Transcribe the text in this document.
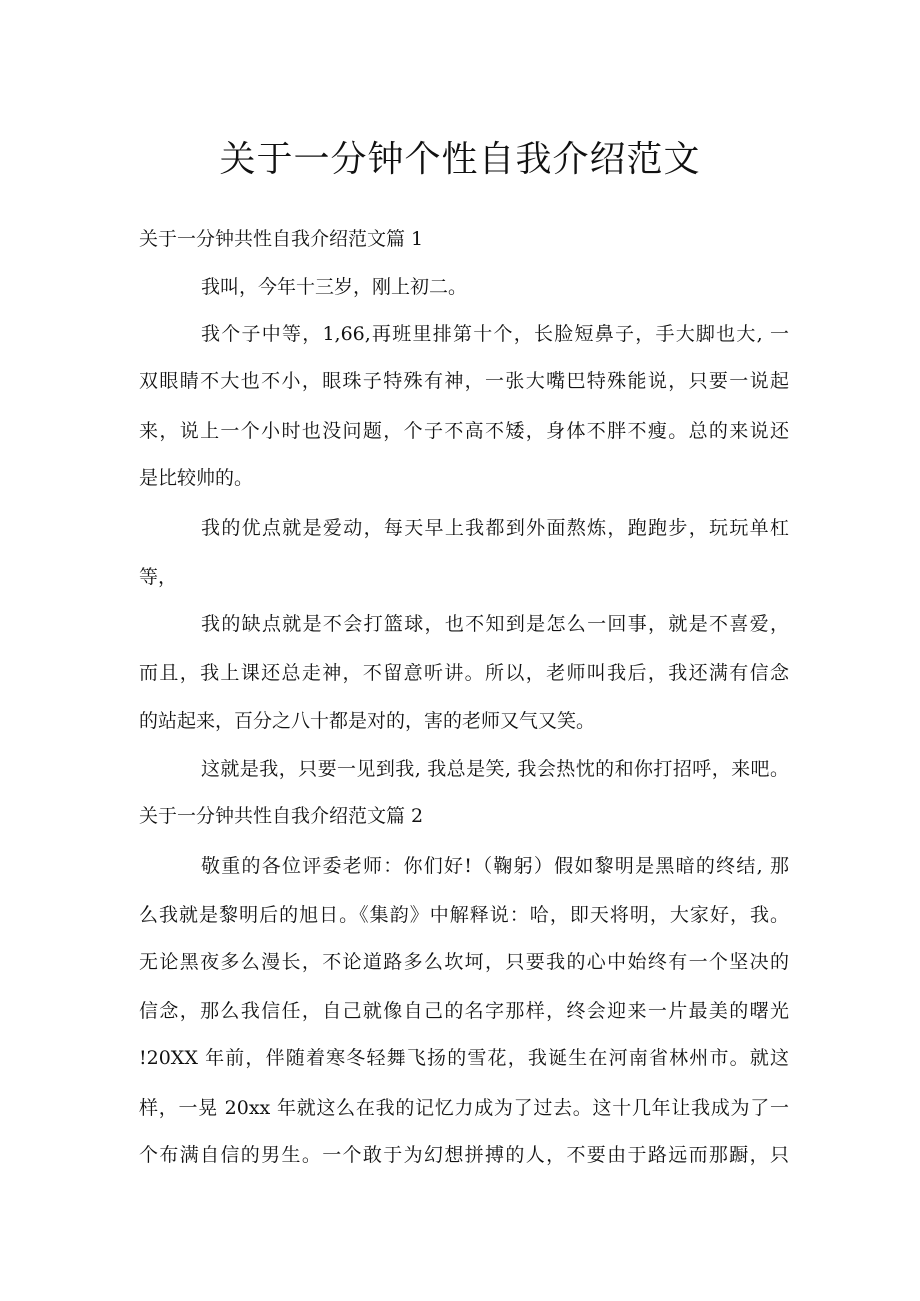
关于一分钟个性自我介绍范文
关于一分钟共性自我介绍范文篇 1
我叫，今年十三岁，刚上初二。
我个子中等，1,66,再班里排第十个，长脸短鼻子，手大脚也大, 一
双眼睛不大也不小，眼珠子特殊有神，一张大嘴巴特殊能说，只要一说起
来，说上一个小时也没问题，个子不高不矮，身体不胖不瘦。总的来说还
是比较帅的。
我的优点就是爱动，每天早上我都到外面熬炼，跑跑步，玩玩单杠
等，
我的缺点就是不会打篮球，也不知到是怎么一回事，就是不喜爱，
而且，我上课还总走神，不留意听讲。所以，老师叫我后，我还满有信念
的站起来，百分之八十都是对的，害的老师又气又笑。
这就是我，只要一见到我, 我总是笑, 我会热忱的和你打招呼，来吧。
关于一分钟共性自我介绍范文篇 2
敬重的各位评委老师：你们好!（鞠躬）假如黎明是黑暗的终结, 那
么我就是黎明后的旭日。《集韵》中解释说：哈，即天将明，大家好，我。
无论黑夜多么漫长，不论道路多么坎坷，只要我的心中始终有一个坚决的
信念，那么我信任，自己就像自己的名字那样，终会迎来一片最美的曙光
!20XX 年前，伴随着寒冬轻舞飞扬的雪花，我诞生在河南省林州市。就这
样，一晃 20xx 年就这么在我的记忆力成为了过去。这十几年让我成为了一
个布满自信的男生。一个敢于为幻想拼搏的人，不要由于路远而那蹰，只
